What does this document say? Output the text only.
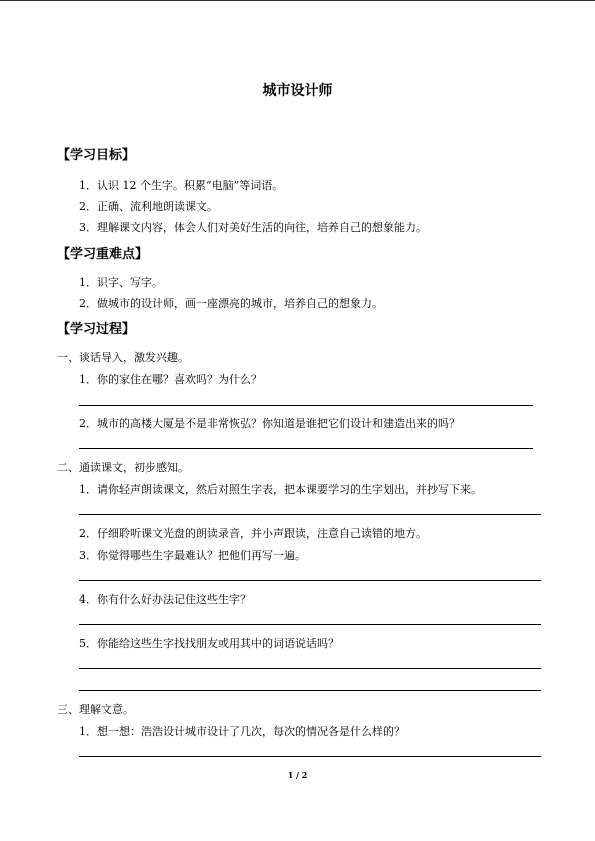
城市设计师
【学习目标】
1．认识 12 个生字。积累“电脑”等词语。
2．正确、流利地朗读课文。
3．理解课文内容，体会人们对美好生活的向往，培养自己的想象能力。
【学习重难点】
1．识字、写字。
2．做城市的设计师，画一座漂亮的城市，培养自己的想象力。
【学习过程】
一、谈话导入，激发兴趣。
1．你的家住在哪？喜欢吗？为什么？
2．城市的高楼大厦是不是非常恢弘？你知道是谁把它们设计和建造出来的吗？
二、通读课文，初步感知。
1．请你轻声朗读课文，然后对照生字表，把本课要学习的生字划出，并抄写下来。
2．仔细聆听课文光盘的朗读录音，并小声跟读，注意自己读错的地方。
3．你觉得哪些生字最难认？把他们再写一遍。
4．你有什么好办法记住这些生字？
5．你能给这些生字找找朋友或用其中的词语说话吗？
三、理解文意。
1．想一想：浩浩设计城市设计了几次，每次的情况各是什么样的？
1 / 2
